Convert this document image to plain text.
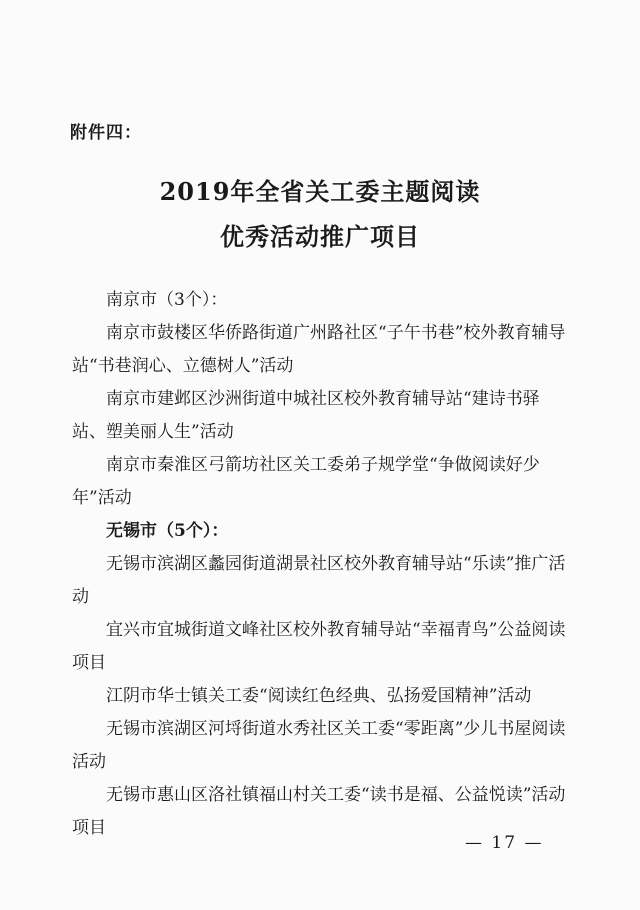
附件四：
2019年全省关工委主题阅读
优秀活动推广项目
南京市（3个）：
南京市鼓楼区华侨路街道广州路社区“子午书巷”校外教育辅导站“书巷润心、立德树人”活动
南京市建邺区沙洲街道中城社区校外教育辅导站“建诗书驿站、塑美丽人生”活动
南京市秦淮区弓箭坊社区关工委弟子规学堂“争做阅读好少年”活动
无锡市（5个）：
无锡市滨湖区蠡园街道湖景社区校外教育辅导站“乐读”推广活动
宜兴市宜城街道文峰社区校外教育辅导站“幸福青鸟”公益阅读项目
江阴市华士镇关工委“阅读红色经典、弘扬爱国精神”活动
无锡市滨湖区河埒街道水秀社区关工委“零距离”少儿书屋阅读活动
无锡市惠山区洛社镇福山村关工委“读书是福、公益悦读”活动项目
— 17 —
